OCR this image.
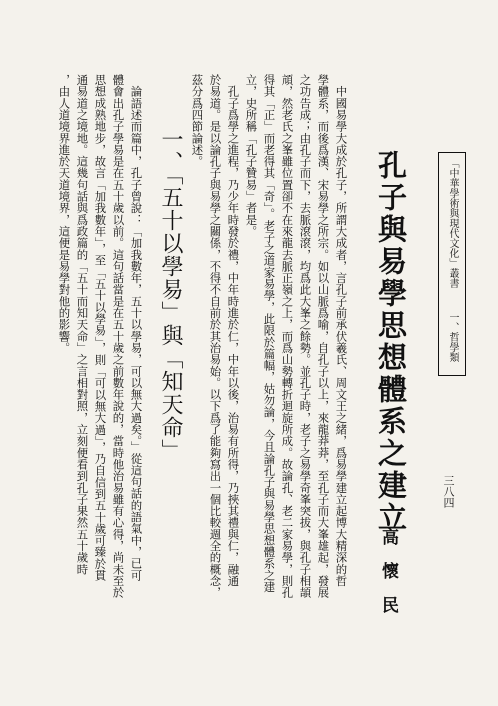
「中華學術與現代文化」叢書
一、哲學類
三八四
孔子與易學思想體系之建立
高　懷　民
　中國易學大成於孔子，所謂大成者，言孔子前承伏羲氏、周文王之緒，爲易學建立起博大精深的哲
學體系，而後爲漢、宋易學之所宗。如以山脈爲喻，自孔子以上，來龍莽莽，至孔子而大峯雄起，發展
之功告成；由孔子而下，去脈滾滾，均爲此大峯之餘勢。並孔子時，老子之易學奇峯突拔，與孔子相頡
頏，然老氏之峯雖位置卻不在來龍去脈正嶺之上，而爲山勢轉折迴旋所成。故論孔、老二家易學，則孔
得其「正」而老得其「奇」。老子之道家易學，此限於篇幅，姑勿論，今且論孔子與易學思想體系之建
立，史所稱「孔子贊易」者是。
　孔子爲學之進程，乃少年時發於禮，中年時進於仁，中年以後，治易有所得，乃挾其禮與仁，融通
於易道。是以論孔子與易學之關係，不得不自前於其治易始。以下爲了能夠寫出一個比較週全的概念，
茲分爲四節論述。
一、「五十以學易」與「知天命」
　論語述而篇中，孔子曾說：「加我數年，五十以學易，可以無大過矣。」從這句話的語氣中，已可
體會出孔子學易是在五十歲以前。這句話當是在五十歲之前數年說的，當時他治易雖有心得，尚未至於
思想成熟地步，故言「加我數年」，至「五十以學易」，則「可以無大過」，乃自信到五十歲可臻於貫
通易道之境地。這幾句話與爲政篇的「五十而知天命」之言相對照，立刻便看到孔子果然五十歲時
，由人道境界進於天道境界，這便是易學對他的影響。
